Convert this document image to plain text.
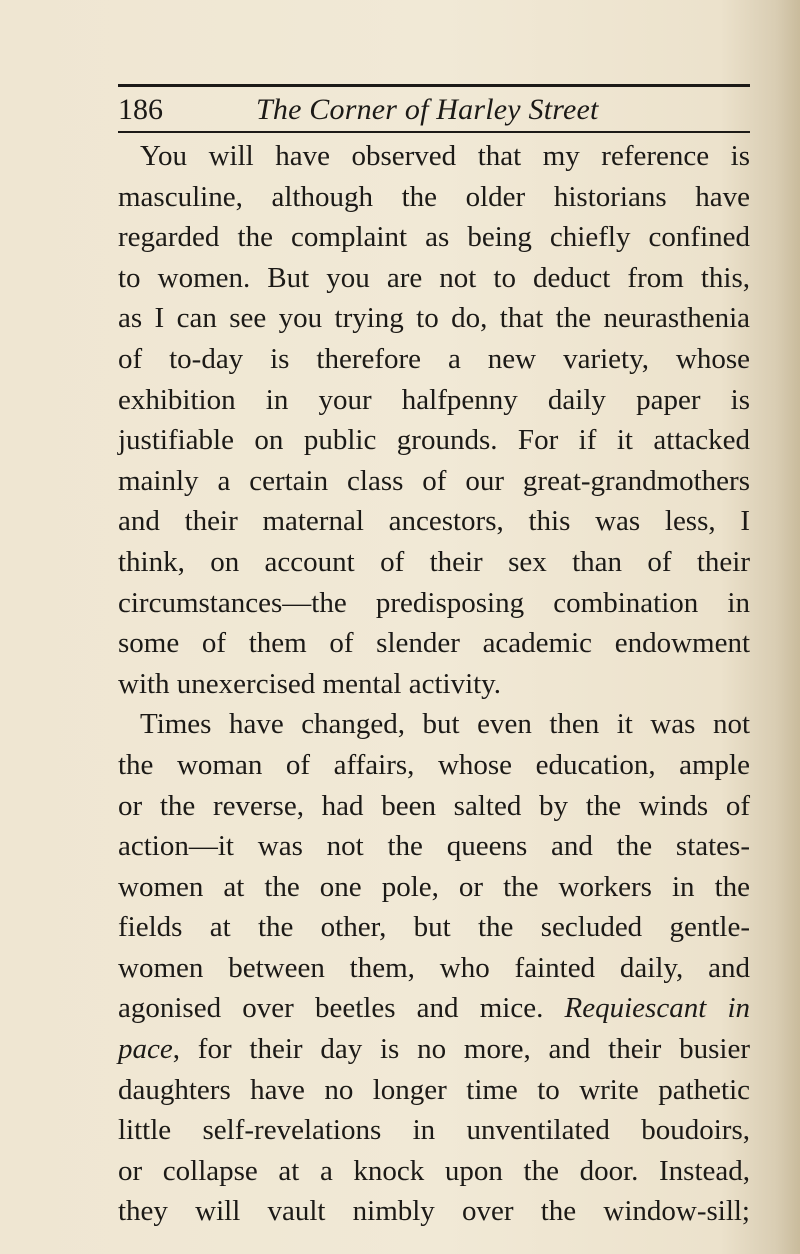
186	The Corner of Harley Street
You will have observed that my reference is
masculine, although the older historians have
regarded the complaint as being chiefly confined
to women. But you are not to deduct from this,
as I can see you trying to do, that the neurasthenia
of to-day is therefore a new variety, whose
exhibition in your halfpenny daily paper is
justifiable on public grounds. For if it attacked
mainly a certain class of our great-grandmothers
and their maternal ancestors, this was less, I
think, on account of their sex than of their
circumstances—the predisposing combination in
some of them of slender academic endowment
with unexercised mental activity.
Times have changed, but even then it was not
the woman of affairs, whose education, ample
or the reverse, had been salted by the winds of
action—it was not the queens and the states-
women at the one pole, or the workers in the
fields at the other, but the secluded gentle-
women between them, who fainted daily, and
agonised over beetles and mice. Requiescant in
pace, for their day is no more, and their busier
daughters have no longer time to write pathetic
little self-revelations in unventilated boudoirs,
or collapse at a knock upon the door. Instead,
they will vault nimbly over the window-sill;
